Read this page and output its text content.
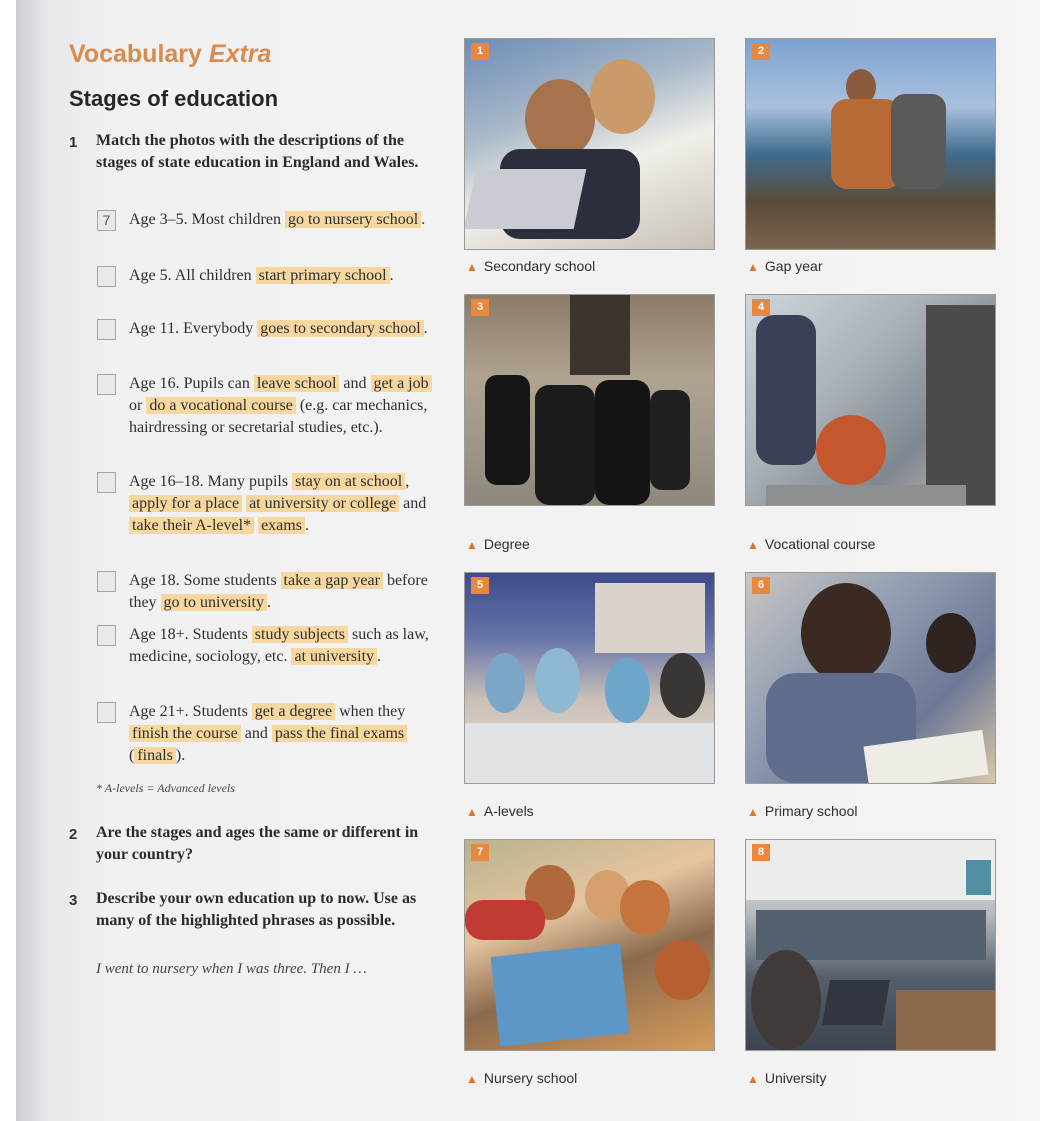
Vocabulary Extra
Stages of education
1 Match the photos with the descriptions of the stages of state education in England and Wales.
7	Age 3–5. Most children go to nursery school .
Age 5. All children start primary school .
Age 11. Everybody goes to secondary school .
Age 16. Pupils can leave school and get a job or do a vocational course (e.g. car mechanics, hairdressing or secretarial studies, etc.).
Age 16–18. Many pupils stay on at school , apply for a place at university or college and take their A-level* exams .
Age 18. Some students take a gap year before they go to university .
Age 18+. Students study subjects such as law, medicine, sociology, etc. at university .
Age 21+. Students get a degree when they finish the course and pass the final exams ( finals ).
* A-levels = Advanced levels
2 Are the stages and ages the same or different in your country?
3 Describe your own education up to now. Use as many of the highlighted phrases as possible.
I went to nursery when I was three. Then I …
1
▲ Secondary school
2
▲ Gap year
3
▲ Degree
4
▲ Vocational course
5
▲ A-levels
6
▲ Primary school
7
▲ Nursery school
8
▲ University
